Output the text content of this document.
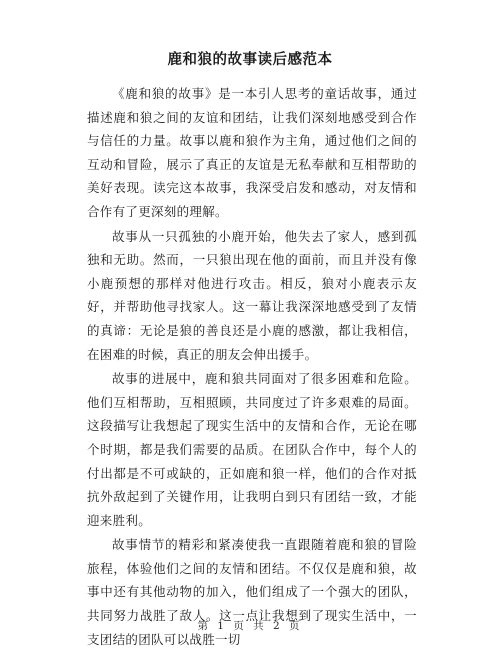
鹿和狼的故事读后感范本

《鹿和狼的故事》是一本引人思考的童话故事，通过描述鹿和狼之间的友谊和团结，让我们深刻地感受到合作与信任的力量。故事以鹿和狼作为主角，通过他们之间的互动和冒险，展示了真正的友谊是无私奉献和互相帮助的美好表现。读完这本故事，我深受启发和感动，对友情和合作有了更深刻的理解。

故事从一只孤独的小鹿开始，他失去了家人，感到孤独和无助。然而，一只狼出现在他的面前，而且并没有像小鹿预想的那样对他进行攻击。相反，狼对小鹿表示友好，并帮助他寻找家人。这一幕让我深深地感受到了友情的真谛：无论是狼的善良还是小鹿的感激，都让我相信，在困难的时候，真正的朋友会伸出援手。

故事的进展中，鹿和狼共同面对了很多困难和危险。他们互相帮助，互相照顾，共同度过了许多艰难的局面。这段描写让我想起了现实生活中的友情和合作，无论在哪个时期，都是我们需要的品质。在团队合作中，每个人的付出都是不可或缺的，正如鹿和狼一样，他们的合作对抵抗外敌起到了关键作用，让我明白到只有团结一致，才能迎来胜利。

故事情节的精彩和紧凑使我一直跟随着鹿和狼的冒险旅程，体验他们之间的友情和团结。不仅仅是鹿和狼，故事中还有其他动物的加入，他们组成了一个强大的团队，共同努力战胜了敌人。这一点让我想到了现实生活中，一支团结的团队可以战胜一切

第 1 页 共 2 页
